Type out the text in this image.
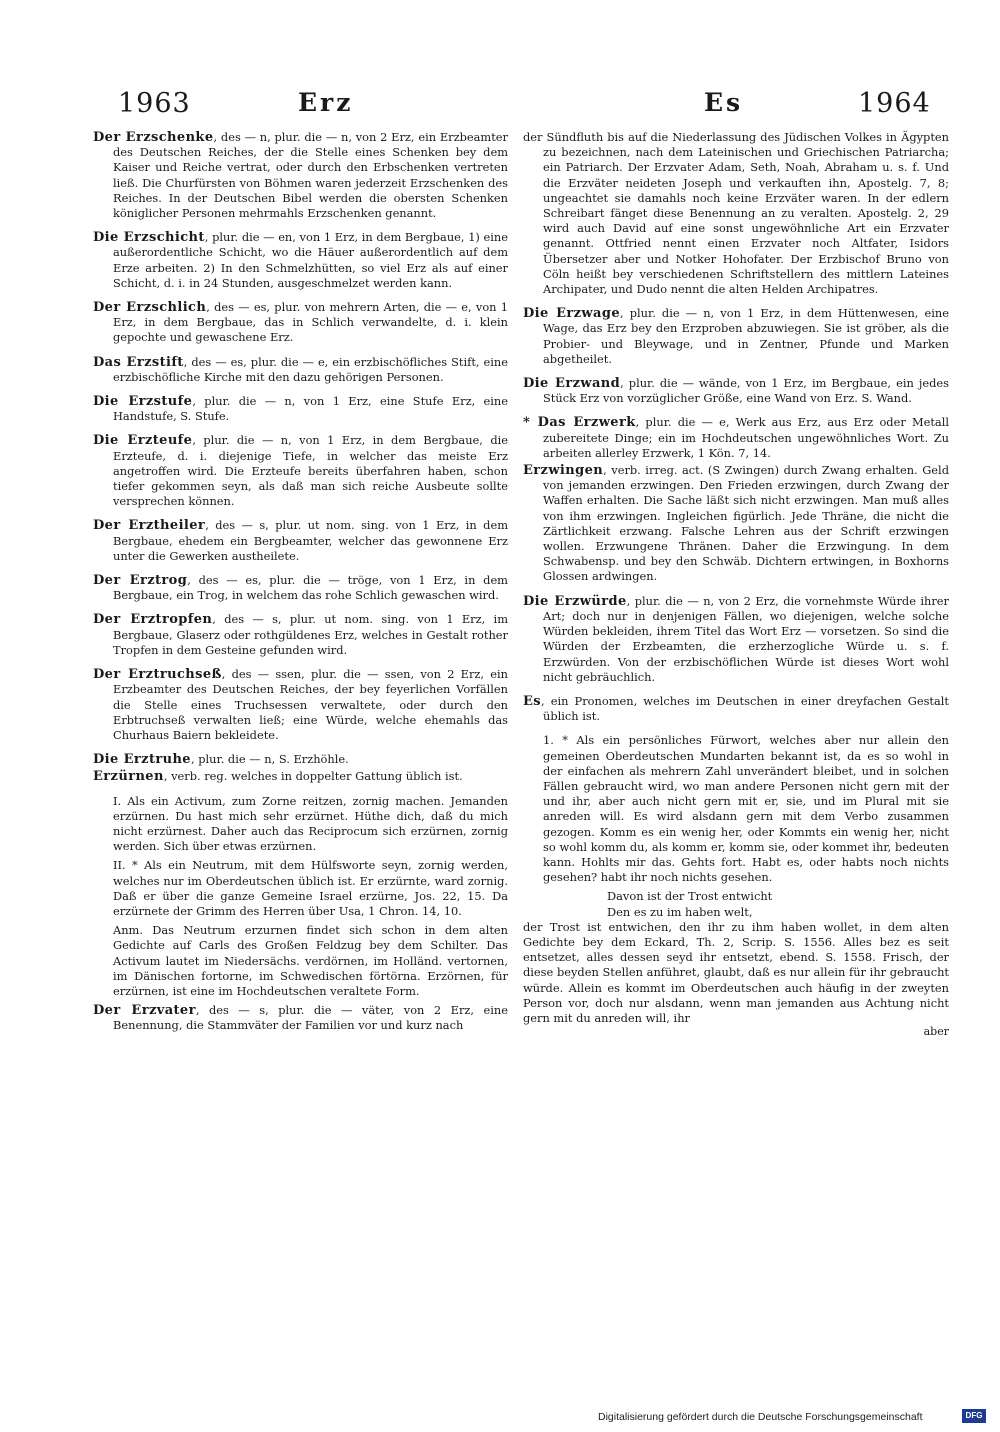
1963	Erz	Es	1964

Der Erzschenke, des — n, plur. die — n, von 2 Erz, ein Erzbeamter des Deutschen Reiches, der die Stelle eines Schenken bey dem Kaiser und Reiche vertrat, oder durch den Erbschenken vertreten ließ. Die Churfürsten von Böhmen waren jederzeit Erzschenken des Reiches. In der Deutschen Bibel werden die obersten Schenken königlicher Personen mehrmahls Erzschenken genannt.

Die Erzschicht, plur. die — en, von 1 Erz, in dem Bergbaue, 1) eine außerordentliche Schicht, wo die Häuer außerordentlich auf dem Erze arbeiten. 2) In den Schmelzhütten, so viel Erz als auf einer Schicht, d. i. in 24 Stunden, ausgeschmelzet werden kann.

Der Erzschlich, des — es, plur. von mehrern Arten, die — e, von 1 Erz, in dem Bergbaue, das in Schlich verwandelte, d. i. klein gepochte und gewaschene Erz.

Das Erzstift, des — es, plur. die — e, ein erzbischöfliches Stift, eine erzbischöfliche Kirche mit den dazu gehörigen Personen.

Die Erzstufe, plur. die — n, von 1 Erz, eine Stufe Erz, eine Handstufe, S. Stufe.

Die Erzteufe, plur. die — n, von 1 Erz, in dem Bergbaue, die Erzteufe, d. i. diejenige Tiefe, in welcher das meiste Erz angetroffen wird. Die Erzteufe bereits überfahren haben, schon tiefer gekommen seyn, als daß man sich reiche Ausbeute sollte versprechen können.

Der Erztheiler, des — s, plur. ut nom. sing. von 1 Erz, in dem Bergbaue, ehedem ein Bergbeamter, welcher das gewonnene Erz unter die Gewerken austheilete.

Der Erztrog, des — es, plur. die — tröge, von 1 Erz, in dem Bergbaue, ein Trog, in welchem das rohe Schlich gewaschen wird.

Der Erztropfen, des — s, plur. ut nom. sing. von 1 Erz, im Bergbaue, Glaserz oder rothgüldenes Erz, welches in Gestalt rother Tropfen in dem Gesteine gefunden wird.

Der Erztruchseß, des — ssen, plur. die — ssen, von 2 Erz, ein Erzbeamter des Deutschen Reiches, der bey feyerlichen Vorfällen die Stelle eines Truchsessen verwaltete, oder durch den Erbtruchseß verwalten ließ; eine Würde, welche ehemahls das Churhaus Baiern bekleidete.

Die Erztruhe, plur. die — n, S. Erzhöhle.

Erzürnen, verb. reg. welches in doppelter Gattung üblich ist.

I. Als ein Activum, zum Zorne reitzen, zornig machen. Jemanden erzürnen. Du hast mich sehr erzürnet. Hüthe dich, daß du mich nicht erzürnest. Daher auch das Reciprocum sich erzürnen, zornig werden. Sich über etwas erzürnen.

II. * Als ein Neutrum, mit dem Hülfsworte seyn, zornig werden, welches nur im Oberdeutschen üblich ist. Er erzürnte, ward zornig. Daß er über die ganze Gemeine Israel erzürne, Jos. 22, 15. Da erzürnete der Grimm des Herren über Usa, 1 Chron. 14, 10.

Anm. Das Neutrum erzurnen findet sich schon in dem alten Gedichte auf Carls des Großen Feldzug bey dem Schilter. Das Activum lautet im Niedersächs. verdörnen, im Holländ. vertornen, im Dänischen fortorne, im Schwedischen förtörna. Erzörnen, für erzürnen, ist eine im Hochdeutschen veraltete Form.

Der Erzvater, des — s, plur. die — väter, von 2 Erz, eine Benennung, die Stammväter der Familien vor und kurz nach

der Sündfluth bis auf die Niederlassung des Jüdischen Volkes in Ägypten zu bezeichnen, nach dem Lateinischen und Griechischen Patriarcha; ein Patriarch. Der Erzvater Adam, Seth, Noah, Abraham u. s. f. Und die Erzväter neideten Joseph und verkauften ihn, Apostelg. 7, 8; ungeachtet sie damahls noch keine Erzväter waren. In der edlern Schreibart fänget diese Benennung an zu veralten. Apostelg. 2, 29 wird auch David auf eine sonst ungewöhnliche Art ein Erzvater genannt. Ottfried nennt einen Erzvater noch Altfater, Isidors Übersetzer aber und Notker Hohofater. Der Erzbischof Bruno von Cöln heißt bey verschiedenen Schriftstellern des mittlern Lateines Archipater, und Dudo nennt die alten Helden Archipatres.

Die Erzwage, plur. die — n, von 1 Erz, in dem Hüttenwesen, eine Wage, das Erz bey den Erzproben abzuwiegen. Sie ist gröber, als die Probier- und Bleywage, und in Zentner, Pfunde und Marken abgetheilet.

Die Erzwand, plur. die — wände, von 1 Erz, im Bergbaue, ein jedes Stück Erz von vorzüglicher Größe, eine Wand von Erz. S. Wand.

* Das Erzwerk, plur. die — e, Werk aus Erz, aus Erz oder Metall zubereitete Dinge; ein im Hochdeutschen ungewöhnliches Wort. Zu arbeiten allerley Erzwerk, 1 Kön. 7, 14.

Erzwingen, verb. irreg. act. (S Zwingen) durch Zwang erhalten. Geld von jemanden erzwingen. Den Frieden erzwingen, durch Zwang der Waffen erhalten. Die Sache läßt sich nicht erzwingen. Man muß alles von ihm erzwingen. Ingleichen figürlich. Jede Thräne, die nicht die Zärtlichkeit erzwang. Falsche Lehren aus der Schrift erzwingen wollen. Erzwungene Thränen. Daher die Erzwingung. In dem Schwabensp. und bey den Schwäb. Dichtern ertwingen, in Boxhorns Glossen ardwingen.

Die Erzwürde, plur. die — n, von 2 Erz, die vornehmste Würde ihrer Art; doch nur in denjenigen Fällen, wo diejenigen, welche solche Würden bekleiden, ihrem Titel das Wort Erz — vorsetzen. So sind die Würden der Erzbeamten, die erzherzogliche Würde u. s. f. Erzwürden. Von der erzbischöflichen Würde ist dieses Wort wohl nicht gebräuchlich.

Es, ein Pronomen, welches im Deutschen in einer dreyfachen Gestalt üblich ist.

1. * Als ein persönliches Fürwort, welches aber nur allein den gemeinen Oberdeutschen Mundarten bekannt ist, da es so wohl in der einfachen als mehrern Zahl unverändert bleibet, und in solchen Fällen gebraucht wird, wo man andere Personen nicht gern mit der und ihr, aber auch nicht gern mit er, sie, und im Plural mit sie anreden will. Es wird alsdann gern mit dem Verbo zusammen gezogen. Komm es ein wenig her, oder Kommts ein wenig her, nicht so wohl komm du, als komm er, komm sie, oder kommet ihr, bedeuten kann. Hohlts mir das. Gehts fort. Habt es, oder habts noch nichts gesehen? habt ihr noch nichts gesehen.

Davon ist der Trost entwicht

Den es zu im haben welt,

der Trost ist entwichen, den ihr zu ihm haben wollet, in dem alten Gedichte bey dem Eckard, Th. 2, Scrip. S. 1556. Alles bez es seit entsetzet, alles dessen seyd ihr entsetzt, ebend. S. 1558. Frisch, der diese beyden Stellen anführet, glaubt, daß es nur allein für ihr gebraucht würde. Allein es kommt im Oberdeutschen auch häufig in der zweyten Person vor, doch nur alsdann, wenn man jemanden aus Achtung nicht gern mit du anreden will, ihr

aber
Digitalisierung gefördert durch die Deutsche Forschungsgemeinschaft	DFG
